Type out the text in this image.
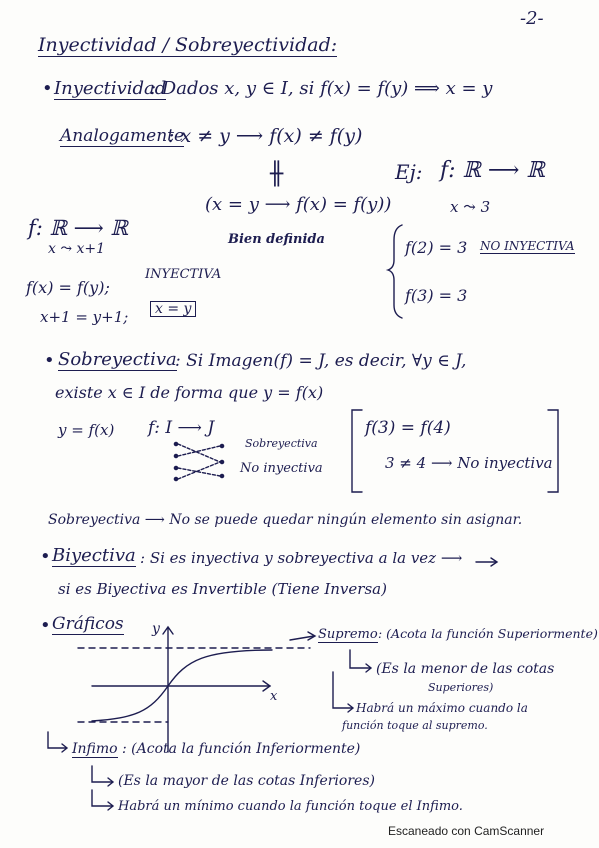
-2-
Inyectividad / Sobreyectividad:
• Inyectividad
: Dados x, y ∈ I, si f(x) = f(y) ⟹ x = y
Analogamente
: x ≠ y ⟶ f(x) ≠ f(y)
╫
(x = y ⟶ f(x) = f(y))
Bien definida
Ej: f: ℝ ⟶ ℝ
x ⤳ 3
f(2) = 3 NO INYECTIVA
f(3) = 3
f: ℝ ⟶ ℝ
x ⤳ x+1
f(x) = f(y);
INYECTIVA
x+1 = y+1;	x = y
• Sobreyectiva
: Si Imagen(f) = J, es decir, ∀y ∈ J,
existe x ∈ I de forma que y = f(x)
y = f(x) f: I ⟶ J
Sobreyectiva
No inyectiva
f(3) = f(4)
3 ≠ 4 ⟶ No inyectiva
Sobreyectiva ⟶ No se puede quedar ningún elemento sin asignar.
• Biyectiva : Si es inyectiva y sobreyectiva a la vez ⟶
si es Biyectiva es Invertible (Tiene Inversa)
• Gráficos y
x
Supremo : (Acota la función Superiormente)
(Es la menor de las cotas
Superiores)
Habrá un máximo cuando la
función toque al supremo.
Infimo : (Acota la función Inferiormente)
(Es la mayor de las cotas Inferiores)
Habrá un mínimo cuando la función toque el Infimo.
Escaneado con CamScanner
